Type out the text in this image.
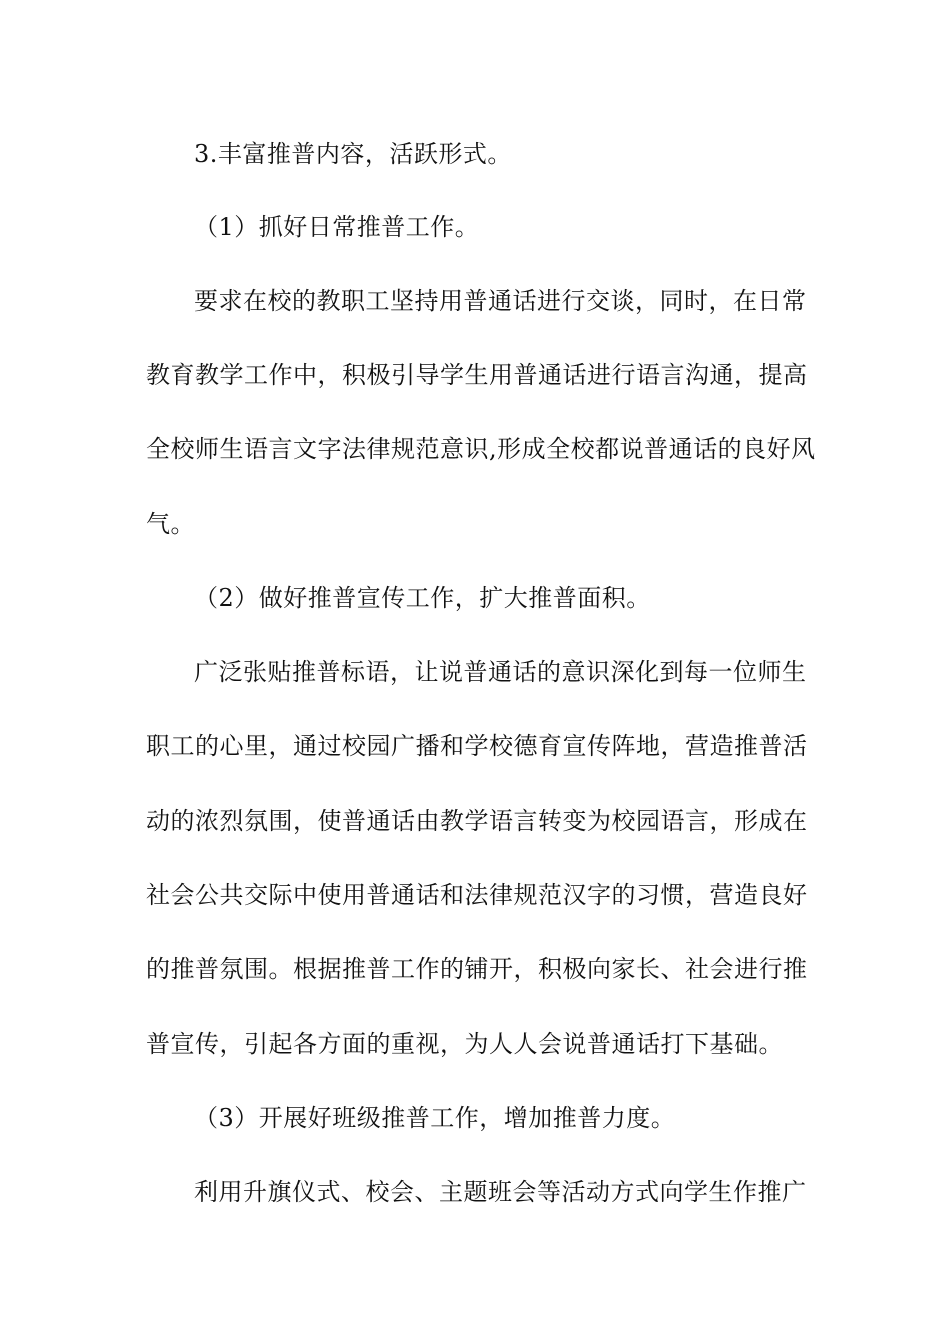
3.丰富推普内容，活跃形式。
（1）抓好日常推普工作。
要求在校的教职工坚持用普通话进行交谈，同时，在日常
教育教学工作中，积极引导学生用普通话进行语言沟通，提高
全校师生语言文字法律规范意识,形成全校都说普通话的良好风
气。
（2）做好推普宣传工作，扩大推普面积。
广泛张贴推普标语，让说普通话的意识深化到每一位师生
职工的心里，通过校园广播和学校德育宣传阵地，营造推普活
动的浓烈氛围，使普通话由教学语言转变为校园语言，形成在
社会公共交际中使用普通话和法律规范汉字的习惯，营造良好
的推普氛围。根据推普工作的铺开，积极向家长、社会进行推
普宣传，引起各方面的重视，为人人会说普通话打下基础。
（3）开展好班级推普工作，增加推普力度。
利用升旗仪式、校会、主题班会等活动方式向学生作推广
